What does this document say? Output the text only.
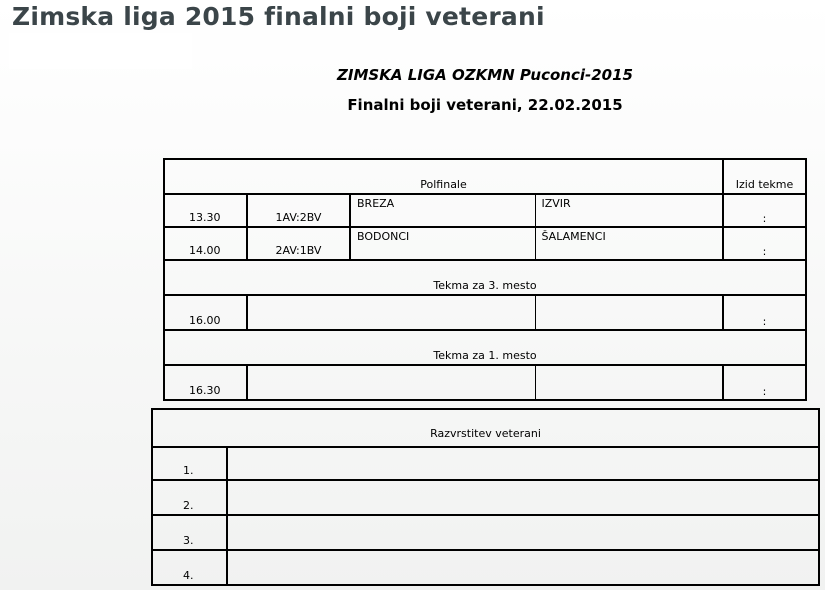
Zimska liga 2015 finalni boji veterani
ZIMSKA LIGA OZKMN Puconci-2015
Finalni boji veterani, 22.02.2015
Polfinale				Izid tekme
13.30	1AV:2BV	BREZA	IZVIR	:
14.00	2AV:1BV	BODONCI	ŠALAMENCI	:
Tekma za 3. mesto				
16.00				:
Tekma za 1. mesto				
16.30				:
Razvrstitev veterani	
1.	
2.	
3.	
4.	
